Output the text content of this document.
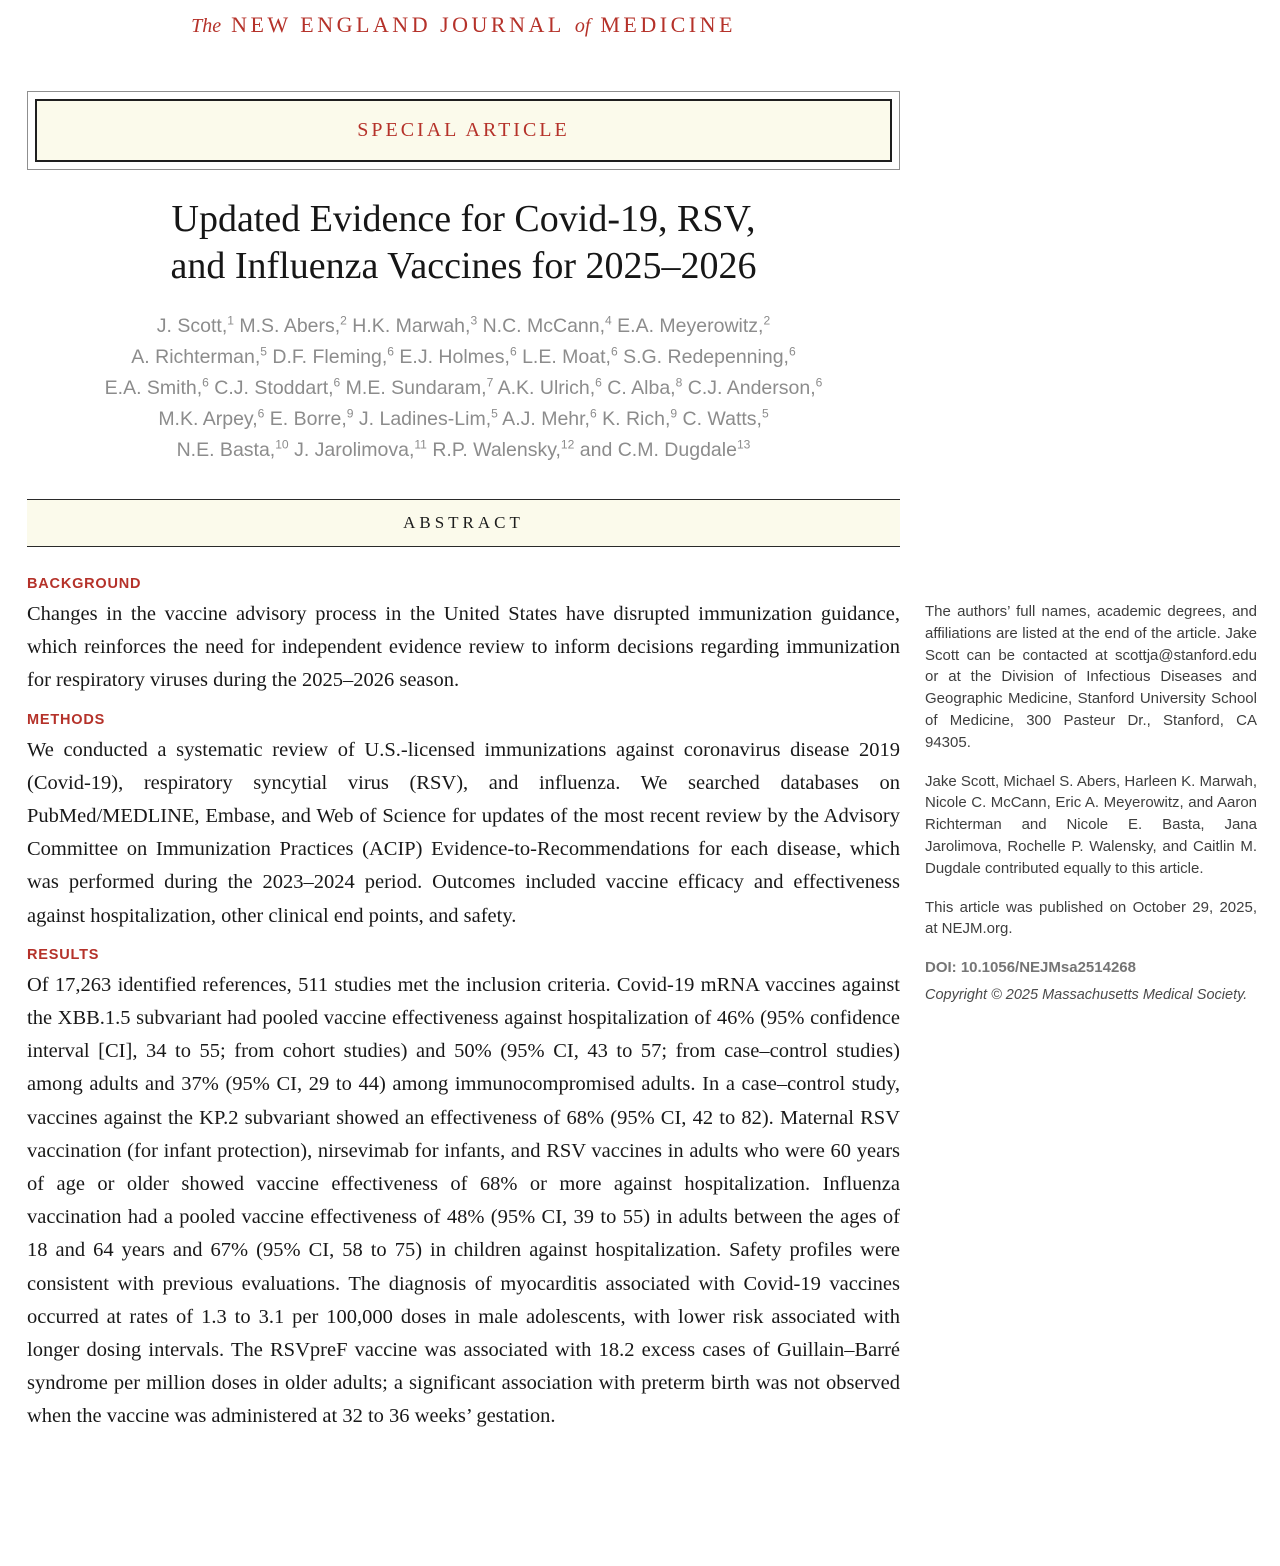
The NEW ENGLAND JOURNAL of MEDICINE
SPECIAL ARTICLE
Updated Evidence for Covid-19, RSV,
and Influenza Vaccines for 2025–2026
J. Scott,$^1$ M.S. Abers,$^2$ H.K. Marwah,$^3$ N.C. McCann,$^4$ E.A. Meyerowitz,$^2$
A. Richterman,$^5$ D.F. Fleming,$^6$ E.J. Holmes,$^6$ L.E. Moat,$^6$ S.G. Redepenning,$^6$
E.A. Smith,$^6$ C.J. Stoddart,$^6$ M.E. Sundaram,$^7$ A.K. Ulrich,$^6$ C. Alba,$^8$ C.J. Anderson,$^6$
M.K. Arpey,$^6$ E. Borre,$^9$ J. Ladines-Lim,$^5$ A.J. Mehr,$^6$ K. Rich,$^9$ C. Watts,$^5$
N.E. Basta,$^{10}$ J. Jarolimova,$^{11}$ R.P. Walensky,$^{12}$ and C.M. Dugdale$^{13}$
ABSTRACT
BACKGROUND

Changes in the vaccine advisory process in the United States have disrupted immunization guidance, which reinforces the need for independent evidence review to inform decisions regarding immunization for respiratory viruses during the 2025–2026 season.

METHODS

We conducted a systematic review of U.S.-licensed immunizations against coronavirus disease 2019 (Covid-19), respiratory syncytial virus (RSV), and influenza. We searched databases on PubMed/MEDLINE, Embase, and Web of Science for updates of the most recent review by the Advisory Committee on Immunization Practices (ACIP) Evidence-to-Recommendations for each disease, which was performed during the 2023–2024 period. Outcomes included vaccine efficacy and effectiveness against hospitalization, other clinical end points, and safety.

RESULTS

Of 17,263 identified references, 511 studies met the inclusion criteria. Covid-19 mRNA vaccines against the XBB.1.5 subvariant had pooled vaccine effectiveness against hospitalization of 46% (95% confidence interval [CI], 34 to 55; from cohort studies) and 50% (95% CI, 43 to 57; from case–control studies) among adults and 37% (95% CI, 29 to 44) among immunocompromised adults. In a case–control study, vaccines against the KP.2 subvariant showed an effectiveness of 68% (95% CI, 42 to 82). Maternal RSV vaccination (for infant protection), nirsevimab for infants, and RSV vaccines in adults who were 60 years of age or older showed vaccine effectiveness of 68% or more against hospitalization. Influenza vaccination had a pooled vaccine effectiveness of 48% (95% CI, 39 to 55) in adults between the ages of 18 and 64 years and 67% (95% CI, 58 to 75) in children against hospitalization. Safety profiles were consistent with previous evaluations. The diagnosis of myocarditis associated with Covid-19 vaccines occurred at rates of 1.3 to 3.1 per 100,000 doses in male adolescents, with lower risk associated with longer dosing intervals. The RSVpreF vaccine was associated with 18.2 excess cases of Guillain–Barré syndrome per million doses in older adults; a significant association with preterm birth was not observed when the vaccine was administered at 32 to 36 weeks’ gestation.

The authors’ full names, academic degrees, and affiliations are listed at the end of the article. Jake Scott can be contacted at scottja@stanford.edu or at the Division of Infectious Diseases and Geographic Medicine, Stanford University School of Medicine, 300 Pasteur Dr., Stanford, CA 94305.

Jake Scott, Michael S. Abers, Harleen K. Marwah, Nicole C. McCann, Eric A. Meyerowitz, and Aaron Richterman and Nicole E. Basta, Jana Jarolimova, Rochelle P. Walensky, and Caitlin M. Dugdale contributed equally to this article.

This article was published on October 29, 2025, at NEJM.org.

DOI: 10.1056/NEJMsa2514268

Copyright © 2025 Massachusetts Medical Society.
